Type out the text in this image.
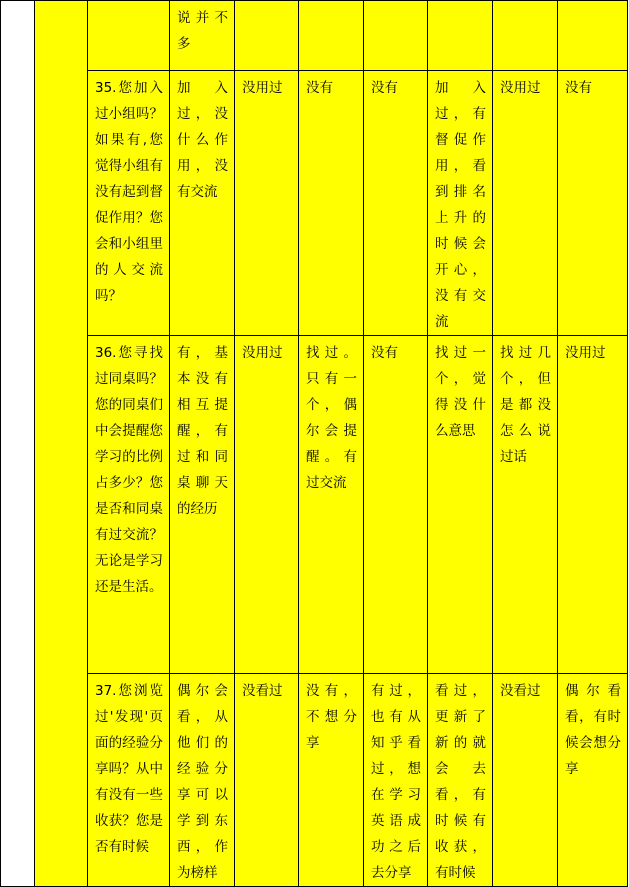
			说并不多						

		35.您加入过小组吗？如果有,您觉得小组有没有起到督促作用？您会和小组里的人交流吗？	加入过，没什么作用，没有交流	没用过	没有	没有	加入过，有督促作用，看到排名上升的时候会开心，没有交流	没用过	没有

		36.您寻找过同桌吗？您的同桌们中会提醒您学习的比例占多少？您是否和同桌有过交流？无论是学习还是生活。	有，基本没有相互提醒，有过和同桌聊天的经历	没用过	找过。只有一个，偶尔会提醒。有过交流	没有	找过一个，觉得没什么意思	找过几个，但是都没怎么说过话	没用过

		37.您浏览过'发现'页面的经验分享吗？从中有没有一些收获？您是否有时候	偶尔会看，从他们的经验分享可以学到东西，作为榜样	没看过	没有，不想分享	有过，也有从知乎看过，想在学习英语成功之后去分享	看过，更新了新的就会去看，有时候有收获，有时候	没看过	偶尔看看，有时候会想分享
